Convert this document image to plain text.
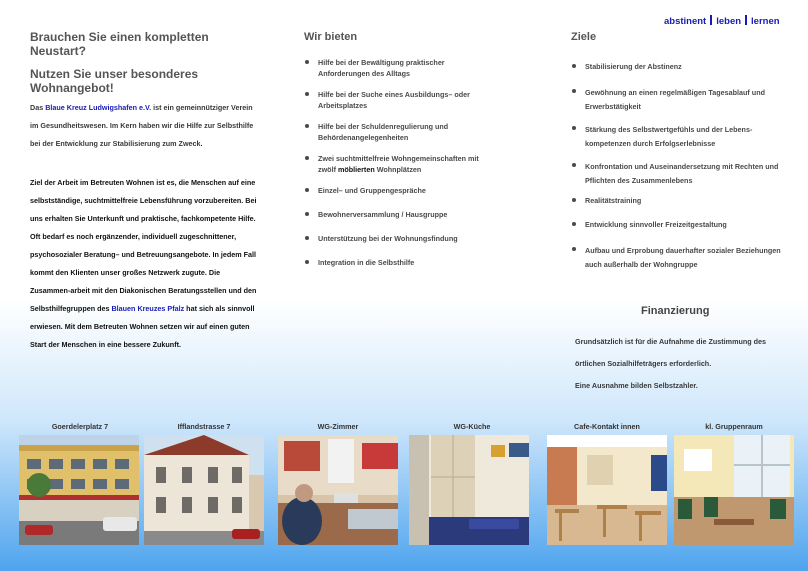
abstinent leben lernen
Brauchen Sie einen kompletten Neustart?
Nutzen Sie unser besonderes Wohnangebot!
Das Blaue Kreuz Ludwigshafen e.V. ist ein gemeinnütziger Verein im Gesundheitswesen. Im Kern haben wir die Hilfe zur Selbsthilfe bei der Entwicklung zur Stabilisierung zum Zweck.
Ziel der Arbeit im Betreuten Wohnen ist es, die Menschen auf eine selbstständige, suchtmittelfreie Lebensführung vorzubereiten. Bei uns erhalten Sie Unterkunft und praktische, fachkompetente Hilfe. Oft bedarf es noch ergänzender, individuell zugeschnittener, psychosozialer Beratung– und Betreuungsangebote. In jedem Fall kommt den Klienten unser großes Netzwerk zugute. Die Zusammen-arbeit mit den Diakonischen Beratungsstellen und den Selbsthilfegruppen des Blauen Kreuzes Pfalz hat sich als sinnvoll erwiesen. Mit dem Betreuten Wohnen setzen wir auf einen guten Start der Menschen in eine bessere Zukunft.
Wir bieten
Hilfe bei der Bewältigung praktischer Anforderungen des Alltags
Hilfe bei der Suche eines Ausbildungs– oder Arbeitsplatzes
Hilfe bei der Schuldenregulierung und Behördenangelegenheiten
Zwei suchtmittelfreie Wohngemeinschaften mit zwölf möblierten Wohnplätzen
Einzel– und Gruppengespräche
Bewohnerversammlung / Hausgruppe
Unterstützung bei der Wohnungsfindung
Integration in die Selbsthilfe
Ziele
Stabilisierung der Abstinenz
Gewöhnung an einen regelmäßigen Tagesablauf und Erwerbstätigkeit
Stärkung des Selbstwertgefühls und der Lebens-kompetenzen durch Erfolgserlebnisse
Konfrontation und Auseinandersetzung mit Rechten und Pflichten des Zusammenlebens
Realitätstraining
Entwicklung sinnvoller Freizeitgestaltung
Aufbau und Erprobung dauerhafter sozialer Beziehungen auch außerhalb der Wohngruppe
Finanzierung
Grundsätzlich ist für die Aufnahme die Zustimmung des
örtlichen Sozialhilfeträgers erforderlich.
Eine Ausnahme bilden Selbstzahler.
Goerdelerplatz 7	Ifflandstrasse 7	WG-Zimmer	WG-Küche	Cafe-Kontakt innen	kl. Gruppenraum
